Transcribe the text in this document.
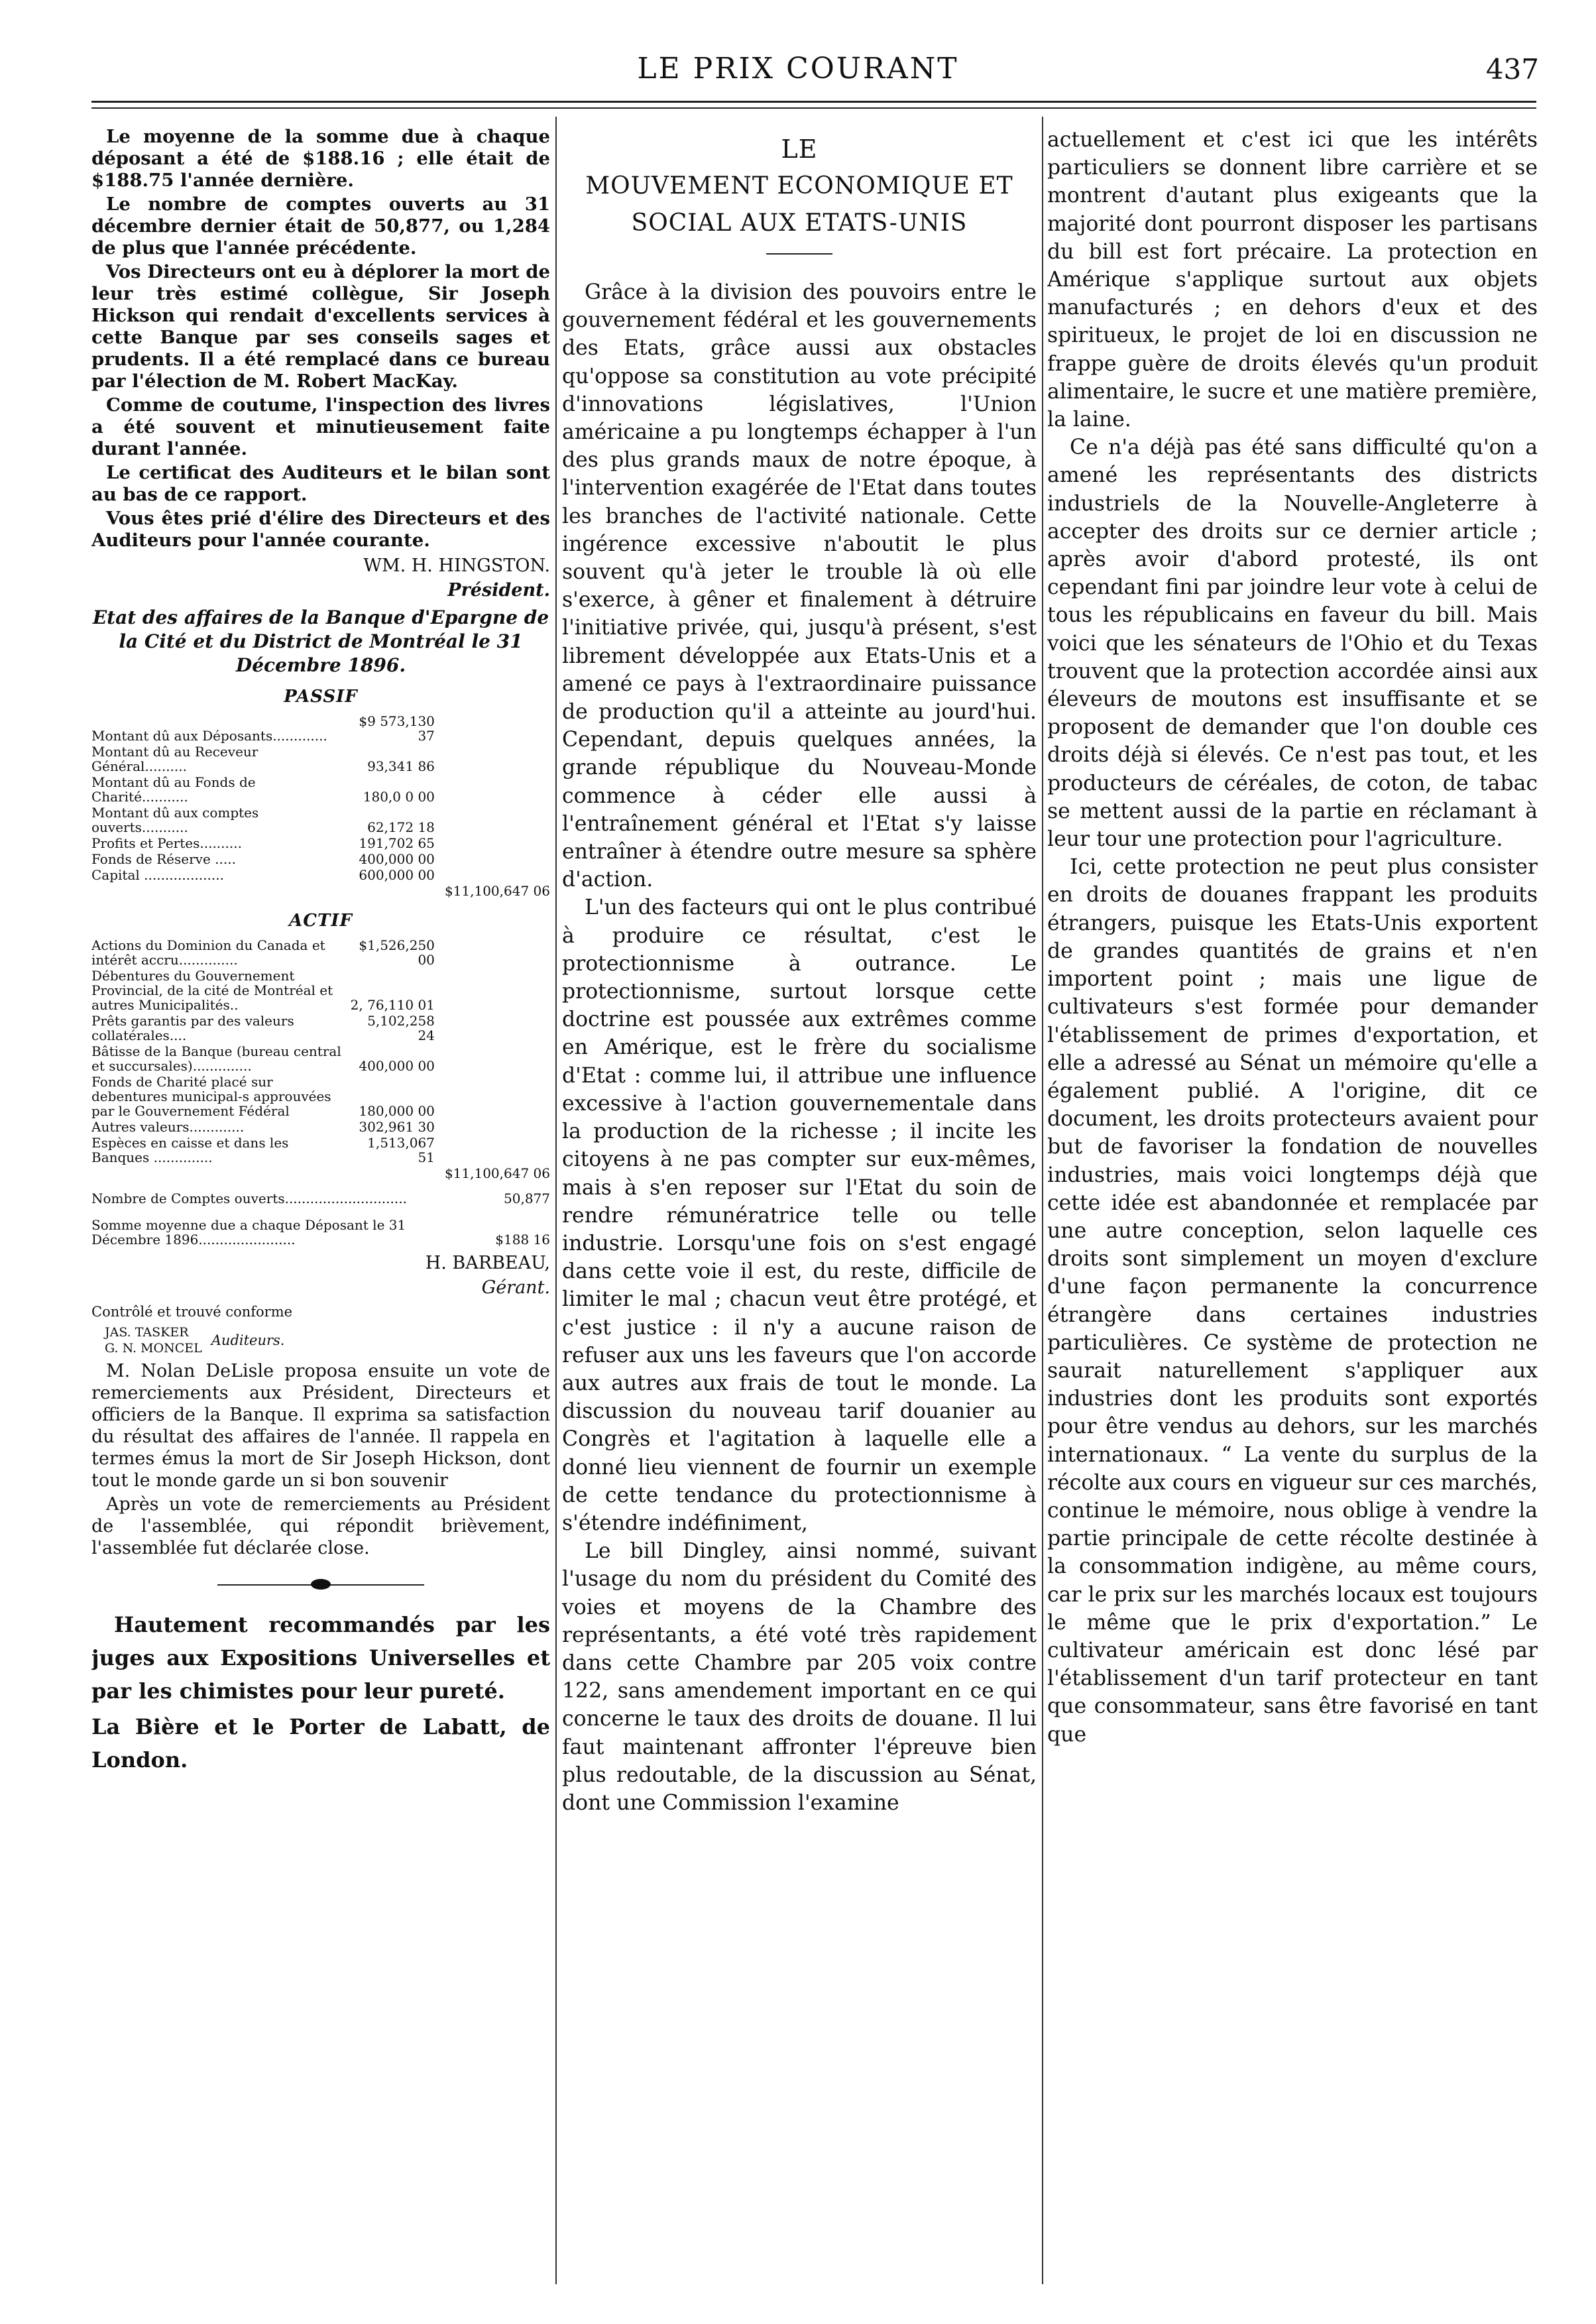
LE PRIX COURANT	437

Le moyenne de la somme due à chaque déposant a été de $188.16 ; elle était de $188.75 l'année dernière.

Le nombre de comptes ouverts au 31 décembre dernier était de 50,877, ou 1,284 de plus que l'année précédente.

Vos Directeurs ont eu à déplorer la mort de leur très estimé collègue, Sir Joseph Hickson qui rendait d'excellents services à cette Banque par ses conseils sages et prudents. Il a été remplacé dans ce bureau par l'élection de M. Robert MacKay.

Comme de coutume, l'inspection des livres a été souvent et minutieusement faite durant l'année.

Le certificat des Auditeurs et le bilan sont au bas de ce rapport.

Vous êtes prié d'élire des Directeurs et des Auditeurs pour l'année courante.

WM. H. HINGSTON.
Président.
Etat des affaires de la Banque d'Epargne de la Cité et du District de Montréal le 31 Décembre 1896.
PASSIF
Montant dû aux Déposants.............	$9 573,130 37	
Montant dû au Receveur Général..........	93,341 86	
Montant dû au Fonds de Charité...........	180,0 0 00	
Montant dû aux comptes ouverts...........	62,172 18	
Profits et Pertes..........	191,702 65	
Fonds de Réserve .....	400,000 00	
Capital ...................	600,000 00	
		$11,100,647 06
ACTIF
Actions du Dominion du Canada et intérêt accru..............	$1,526,250 00	
Débentures du Gouvernement Provincial, de la cité de Montréal et autres Municipalités..	2, 76,110 01	
Prêts garantis par des valeurs collatérales....	5,102,258 24	
Bâtisse de la Banque (bureau central et succursales)..............	400,000 00	
Fonds de Charité placé sur debentures municipal-s approuvées par le Gouvernement Fédéral	180,000 00	
Autres valeurs.............	302,961 30	
Espèces en caisse et dans les Banques ..............	1,513,067 51	
		$11,100,647 06
Nombre de Comptes ouverts.............................	50,877

Somme moyenne due a chaque Déposant le 31 Décembre 1896.......................	$188 16
H. BARBEAU,
Gérant.
Contrôlé et trouvé conforme
JAS. TASKER
G. N. MONCEL Auditeurs.

M. Nolan DeLisle proposa ensuite un vote de remerciements aux Président, Directeurs et officiers de la Banque. Il exprima sa satisfaction du résultat des affaires de l'année. Il rappela en termes émus la mort de Sir Joseph Hickson, dont tout le monde garde un si bon souvenir

Après un vote de remerciements au Président de l'assemblée, qui répondit brièvement, l'assemblée fut déclarée close.

Hautement recommandés par les juges aux Expositions Universelles et par les chimistes pour leur pureté.

La Bière et le Porter de Labatt, de London.

LE
MOUVEMENT ECONOMIQUE ET
SOCIAL AUX ETATS-UNIS

Grâce à la division des pouvoirs entre le gouvernement fédéral et les gouvernements des Etats, grâce aussi aux obstacles qu'oppose sa constitution au vote précipité d'innovations législatives, l'Union américaine a pu longtemps échapper à l'un des plus grands maux de notre époque, à l'intervention exagérée de l'Etat dans toutes les branches de l'activité nationale. Cette ingérence excessive n'aboutit le plus souvent qu'à jeter le trouble là où elle s'exerce, à gêner et finalement à détruire l'initiative privée, qui, jusqu'à présent, s'est librement développée aux Etats-Unis et a amené ce pays à l'extraordinaire puissance de production qu'il a atteinte au jourd'hui. Cependant, depuis quelques années, la grande république du Nouveau-Monde commence à céder elle aussi à l'entraînement général et l'Etat s'y laisse entraîner à étendre outre mesure sa sphère d'action.

L'un des facteurs qui ont le plus contribué à produire ce résultat, c'est le protectionnisme à outrance. Le protectionnisme, surtout lorsque cette doctrine est poussée aux extrêmes comme en Amérique, est le frère du socialisme d'Etat : comme lui, il attribue une influence excessive à l'action gouvernementale dans la production de la richesse ; il incite les citoyens à ne pas compter sur eux-mêmes, mais à s'en reposer sur l'Etat du soin de rendre rémunératrice telle ou telle industrie. Lorsqu'une fois on s'est engagé dans cette voie il est, du reste, difficile de limiter le mal ; chacun veut être protégé, et c'est justice : il n'y a aucune raison de refuser aux uns les faveurs que l'on accorde aux autres aux frais de tout le monde. La discussion du nouveau tarif douanier au Congrès et l'agitation à laquelle elle a donné lieu viennent de fournir un exemple de cette tendance du protectionnisme à s'étendre indéfiniment,

Le bill Dingley, ainsi nommé, suivant l'usage du nom du président du Comité des voies et moyens de la Chambre des représentants, a été voté très rapidement dans cette Chambre par 205 voix contre 122, sans amendement important en ce qui concerne le taux des droits de douane. Il lui faut maintenant affronter l'épreuve bien plus redoutable, de la discussion au Sénat, dont une Commission l'examine

actuellement et c'est ici que les intérêts particuliers se donnent libre carrière et se montrent d'autant plus exigeants que la majorité dont pourront disposer les partisans du bill est fort précaire. La protection en Amérique s'applique surtout aux objets manufacturés ; en dehors d'eux et des spiritueux, le projet de loi en discussion ne frappe guère de droits élevés qu'un produit alimentaire, le sucre et une matière première, la laine.

Ce n'a déjà pas été sans difficulté qu'on a amené les représentants des districts industriels de la Nouvelle-Angleterre à accepter des droits sur ce dernier article ; après avoir d'abord protesté, ils ont cependant fini par joindre leur vote à celui de tous les républicains en faveur du bill. Mais voici que les sénateurs de l'Ohio et du Texas trouvent que la protection accordée ainsi aux éleveurs de moutons est insuffisante et se proposent de demander que l'on double ces droits déjà si élevés. Ce n'est pas tout, et les producteurs de céréales, de coton, de tabac se mettent aussi de la partie en réclamant à leur tour une protection pour l'agriculture.

Ici, cette protection ne peut plus consister en droits de douanes frappant les produits étrangers, puisque les Etats-Unis exportent de grandes quantités de grains et n'en importent point ; mais une ligue de cultivateurs s'est formée pour demander l'établissement de primes d'exportation, et elle a adressé au Sénat un mémoire qu'elle a également publié. A l'origine, dit ce document, les droits protecteurs avaient pour but de favoriser la fondation de nouvelles industries, mais voici longtemps déjà que cette idée est abandonnée et remplacée par une autre conception, selon laquelle ces droits sont simplement un moyen d'exclure d'une façon permanente la concurrence étrangère dans certaines industries particulières. Ce système de protection ne saurait naturellement s'appliquer aux industries dont les produits sont exportés pour être vendus au dehors, sur les marchés internationaux. “ La vente du surplus de la récolte aux cours en vigueur sur ces marchés, continue le mémoire, nous oblige à vendre la partie principale de cette récolte destinée à la consommation indigène, au même cours, car le prix sur les marchés locaux est toujours le même que le prix d'exportation.” Le cultivateur américain est donc lésé par l'établissement d'un tarif protecteur en tant que consommateur, sans être favorisé en tant que
